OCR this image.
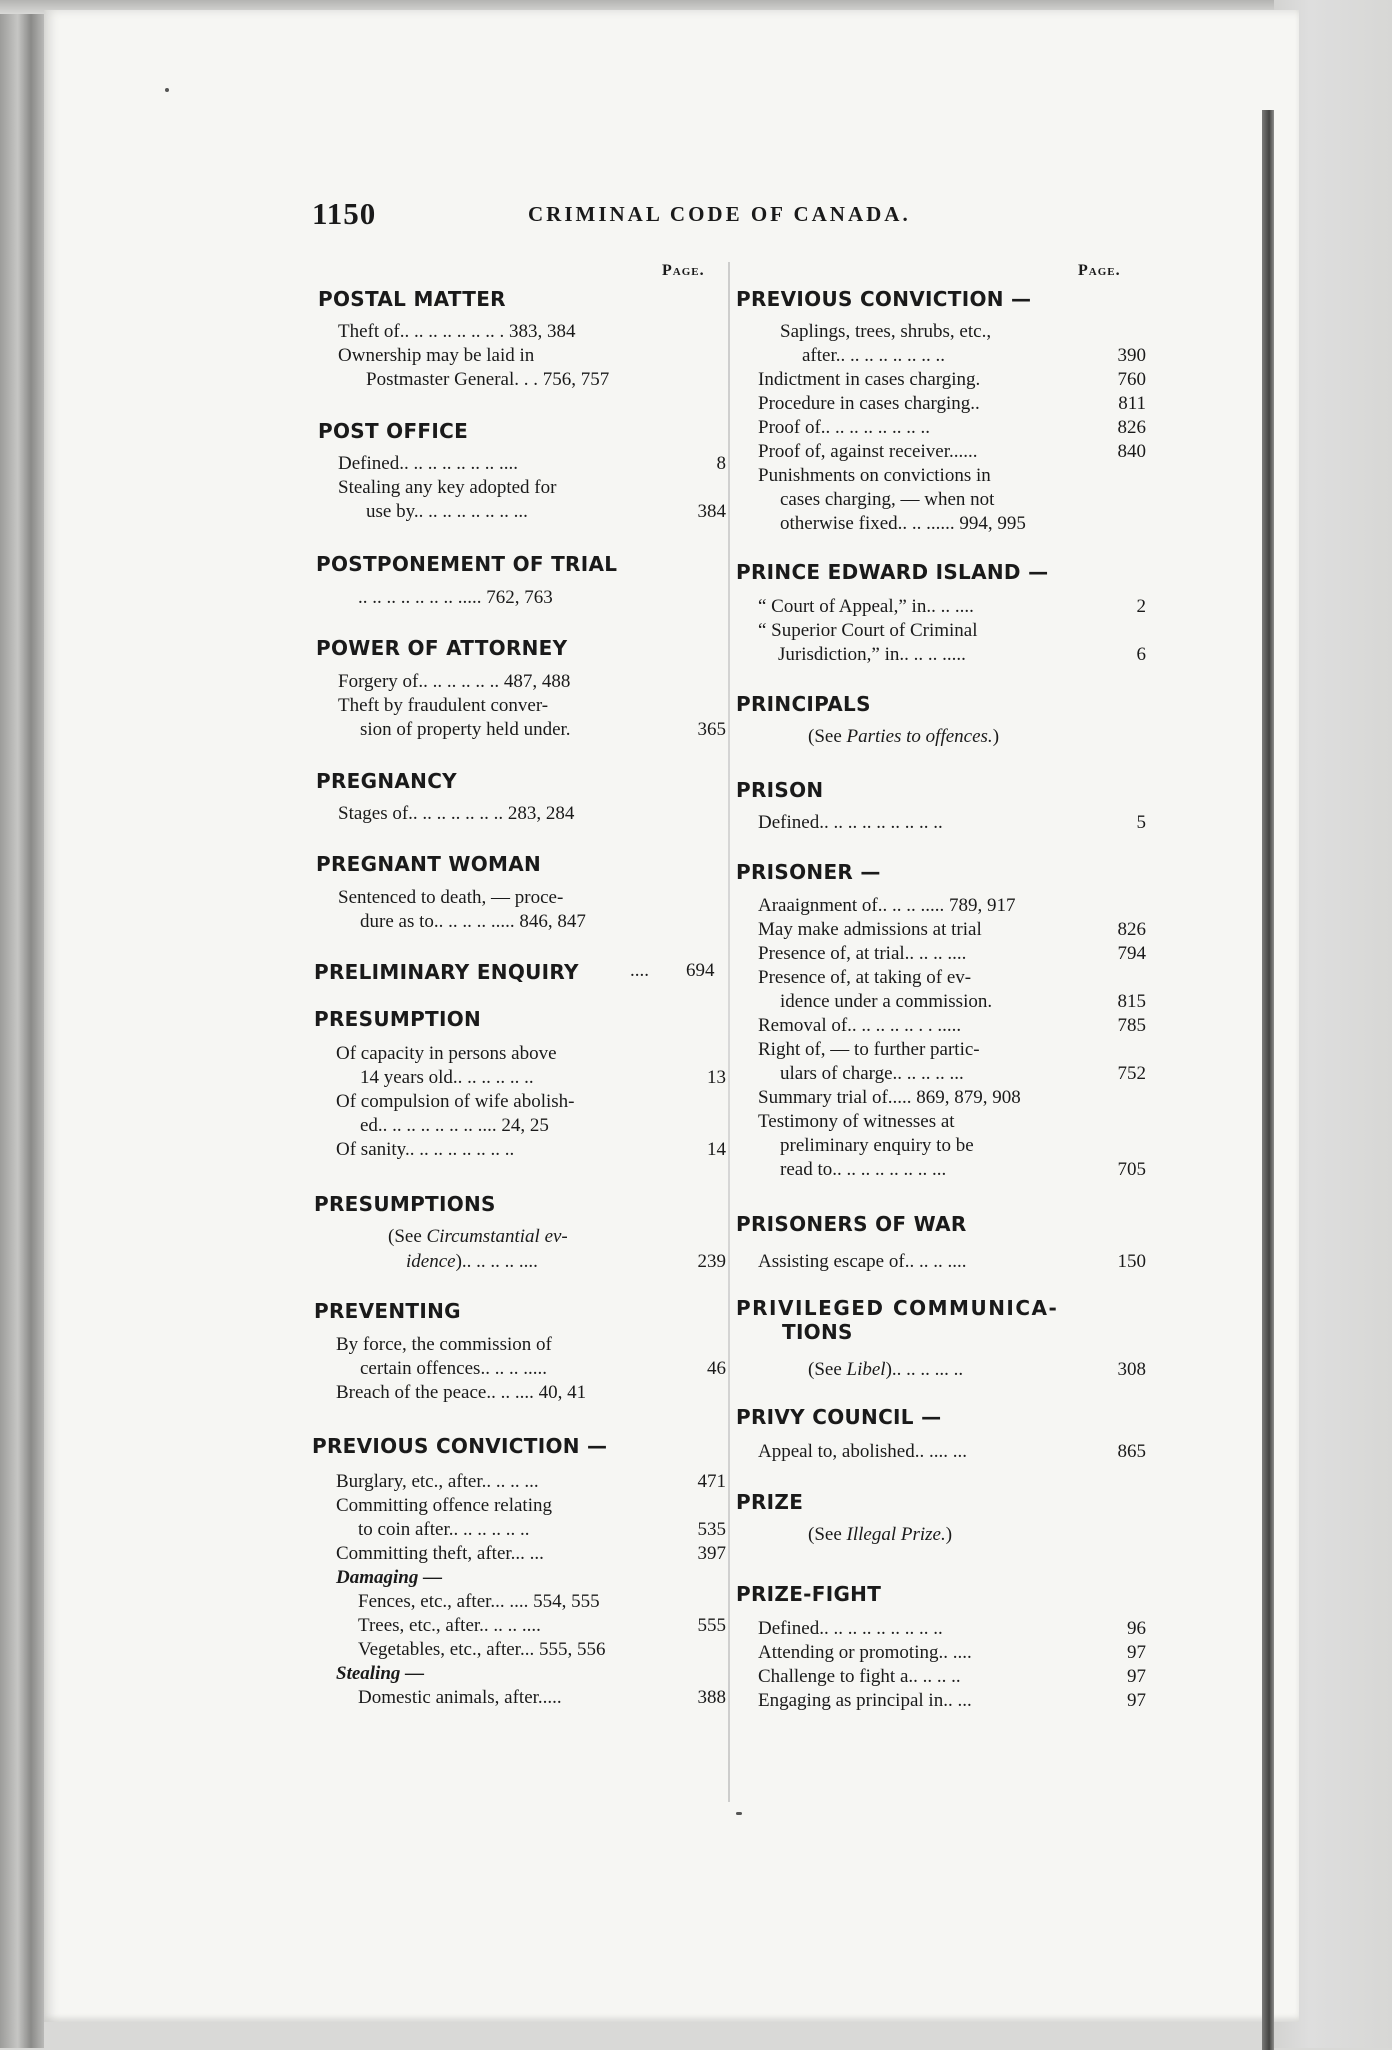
1150	CRIMINAL CODE OF CANADA.
Page.	Page.
POSTAL MATTER
Theft of.. .. .. .. .. .. .. . 383, 384
Ownership may be laid in
Postmaster General. . . 756, 757
POST OFFICE
Defined.. .. .. .. .. .. .. ....	8
Stealing any key adopted for
use by.. .. .. .. .. .. .. ...	384
POSTPONEMENT OF TRIAL
.. .. .. .. .. .. .. ..... 762, 763
POWER OF ATTORNEY
Forgery of.. .. .. .. .. .. 487, 488
Theft by fraudulent conver-
sion of property held under.	365
PREGNANCY
Stages of.. .. .. .. .. .. .. 283, 284
PREGNANT WOMAN
Sentenced to death, — proce-
dure as to.. .. .. .. ..... 846, 847
PRELIMINARY ENQUIRY	.... 694
PRESUMPTION
Of capacity in persons above
14 years old.. .. .. .. .. ..	13
Of compulsion of wife abolish-
ed.. .. .. .. .. .. .. .... 24, 25
Of sanity.. .. .. .. .. .. .. ..	14
PRESUMPTIONS
(See Circumstantial ev-
idence).. .. .. .. ....	239
PREVENTING
By force, the commission of
certain offences.. .. .. .....	46
Breach of the peace.. .. .... 40, 41
PREVIOUS CONVICTION —
Burglary, etc., after.. .. .. ...	471
Committing offence relating
to coin after.. .. .. .. .. ..	535
Committing theft, after... ...	397
Damaging —
Fences, etc., after... .... 554, 555
Trees, etc., after.. .. .. ....	555
Vegetables, etc., after... 555, 556
Stealing —
Domestic animals, after.....	388
PREVIOUS CONVICTION —
Saplings, trees, shrubs, etc.,
after.. .. .. .. .. .. .. ..	390
Indictment in cases charging.	760
Procedure in cases charging..	811
Proof of.. .. .. .. .. .. .. ..	826
Proof of, against receiver......	840
Punishments on convictions in
cases charging, — when not
otherwise fixed.. .. ...... 994, 995
PRINCE EDWARD ISLAND —
“ Court of Appeal,” in.. .. ....	2
“ Superior Court of Criminal
Jurisdiction,” in.. .. .. .....	6
PRINCIPALS
(See Parties to offences.)
PRISON
Defined.. .. .. .. .. .. .. .. ..	5
PRISONER —
Araaignment of.. .. .. ..... 789, 917
May make admissions at trial	826
Presence of, at trial.. .. .. ....	794
Presence of, at taking of ev-
idence under a commission.	815
Removal of.. .. .. .. .. . . .....	785
Right of, — to further partic-
ulars of charge.. .. .. .. ...	752
Summary trial of..... 869, 879, 908
Testimony of witnesses at
preliminary enquiry to be
read to.. .. .. .. .. .. .. ...	705
PRISONERS OF WAR
Assisting escape of.. .. .. ....	150
PRIVILEGED COMMUNICA-
TIONS
(See Libel).. .. .. ... ..	308
PRIVY COUNCIL —
Appeal to, abolished.. .... ...	865
PRIZE
(See Illegal Prize.)
PRIZE-FIGHT
Defined.. .. .. .. .. .. .. .. ..	96
Attending or promoting.. ....	97
Challenge to fight a.. .. .. ..	97
Engaging as principal in.. ...	97
